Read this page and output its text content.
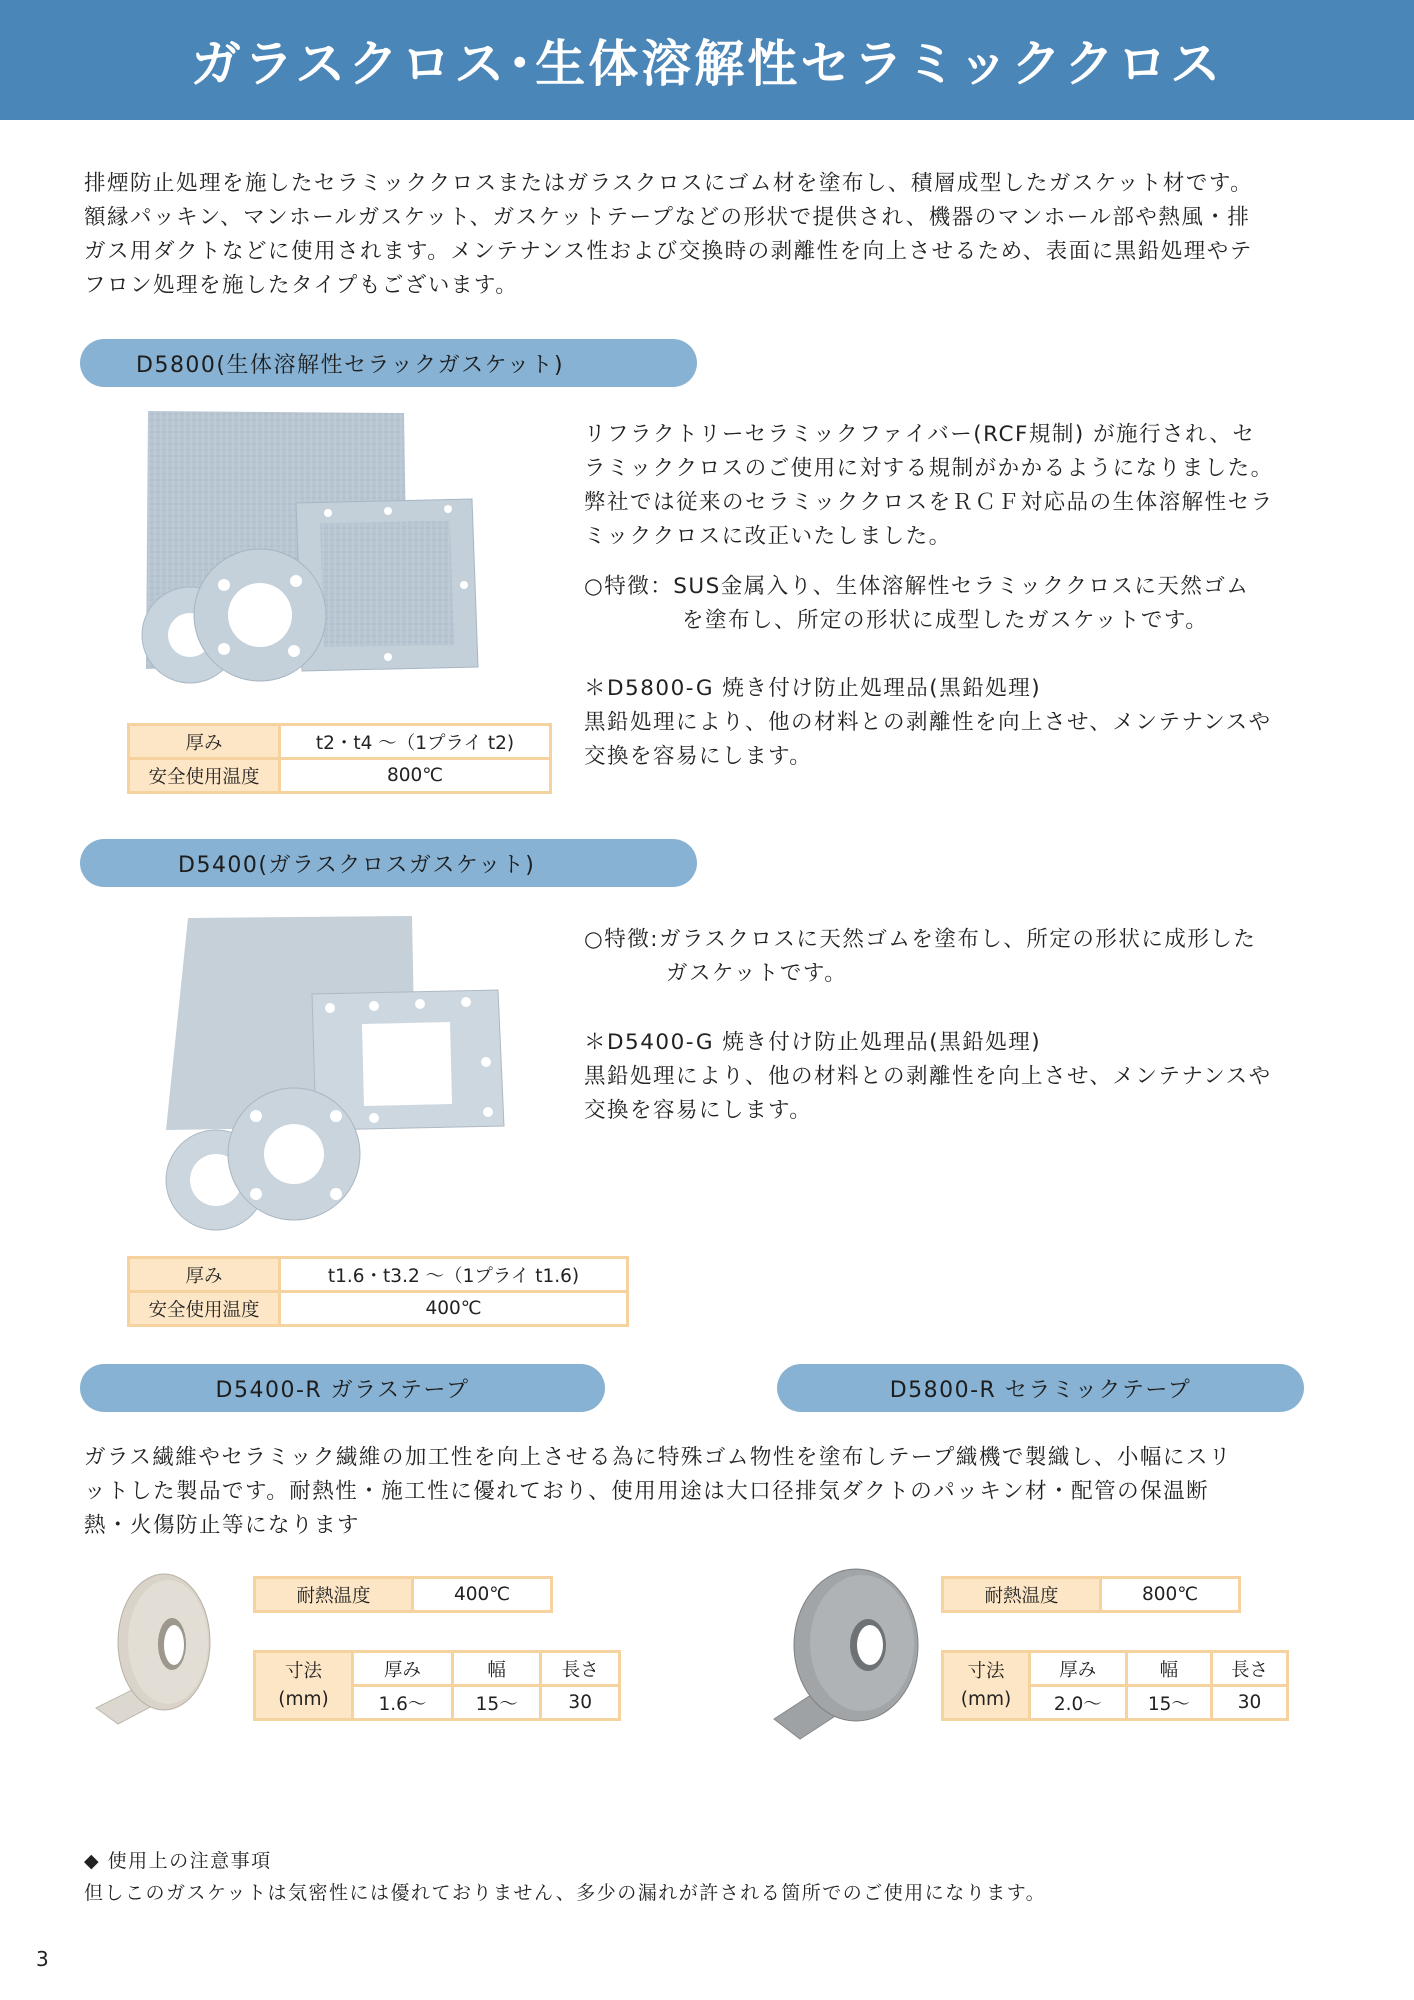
ガラスクロス･生体溶解性セラミッククロス
排煙防止処理を施したセラミッククロスまたはガラスクロスにゴム材を塗布し、積層成型したガスケット材です。
額縁パッキン、マンホールガスケット、ガスケットテープなどの形状で提供され、機器のマンホール部や熱風・排
ガス用ダクトなどに使用されます。メンテナンス性および交換時の剥離性を向上させるため、表面に黒鉛処理やテ
フロン処理を施したタイプもございます。
D5800(生体溶解性セラックガスケット)
リフラクトリーセラミックファイバー(RCF規制) が施行され、セ
ラミッククロスのご使用に対する規制がかかるようになりました。
弊社では従来のセラミッククロスをＲＣＦ対応品の生体溶解性セラ
ミッククロスに改正いたしました。
○特徴：SUS金属入り、生体溶解性セラミッククロスに天然ゴム
を塗布し、所定の形状に成型したガスケットです。
＊D5800-G 焼き付け防止処理品(黒鉛処理)
黒鉛処理により、他の材料との剥離性を向上させ、メンテナンスや
交換を容易にします。
厚み	t2・t4 ～（1プライ t2)
安全使用温度	800℃
D5400(ガラスクロスガスケット)
○特徴:ガラスクロスに天然ゴムを塗布し、所定の形状に成形した
ガスケットです。
＊D5400-G 焼き付け防止処理品(黒鉛処理)
黒鉛処理により、他の材料との剥離性を向上させ、メンテナンスや
交換を容易にします。
厚み	t1.6・t3.2 ～（1プライ t1.6)
安全使用温度	400℃
D5400-R ガラステープ	D5800-R セラミックテープ
ガラス繊維やセラミック繊維の加工性を向上させる為に特殊ゴム物性を塗布しテープ織機で製織し、小幅にスリ
ットした製品です。耐熱性・施工性に優れており、使用用途は大口径排気ダクトのパッキン材・配管の保温断
熱・火傷防止等になります
耐熱温度	400℃
寸法
(mm)	厚み	幅	長さ
	1.6～	15～	30
耐熱温度	800℃
寸法
(mm)	厚み	幅	長さ
	2.0～	15～	30
◆ 使用上の注意事項
但しこのガスケットは気密性には優れておりません、多少の漏れが許される箇所でのご使用になります。
3
